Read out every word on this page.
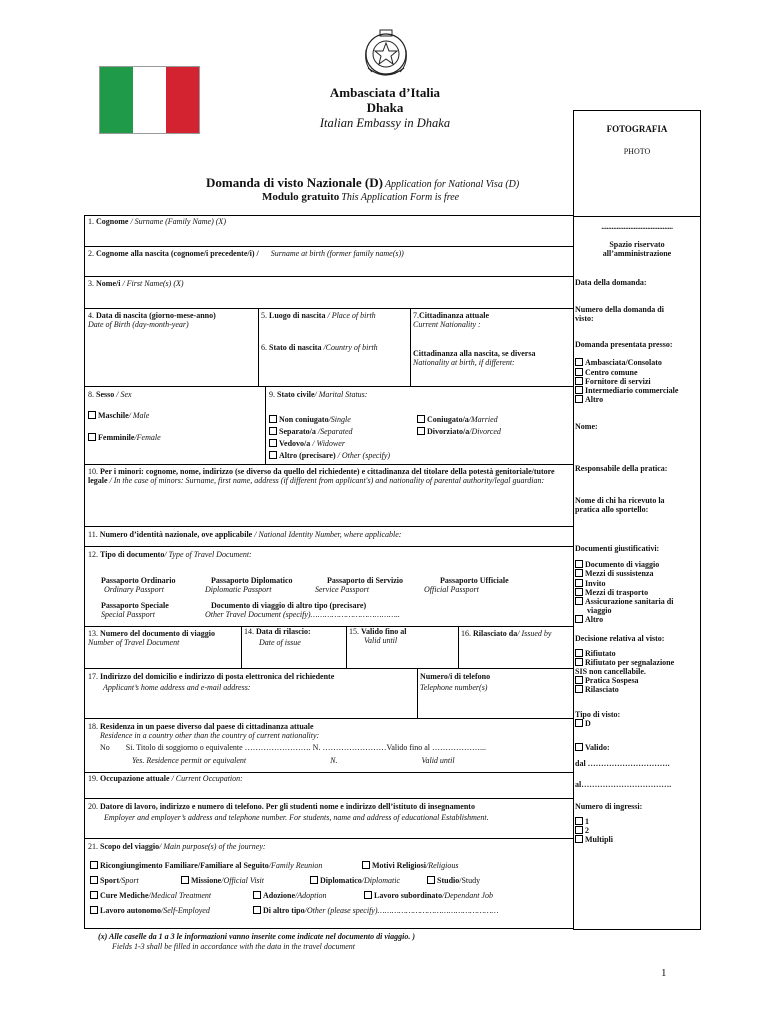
Ambasciata d’Italia
Dhaka
Italian Embassy in Dhaka
Domanda di visto Nazionale (D) Application for National Visa (D)
Modulo gratuito This Application Form is free
FOTOGRAFIA
PHOTO
1. Cognome / Surname (Family Name) (X)
2. Cognome alla nascita (cognome/i precedente/i) / Surname at birth (former family name(s))
3. Nome/i / First Name(s) (X)
4. Data di nascita (giorno-mese-anno)
Date of Birth (day-month-year)
5. Luogo di nascita / Place of birth
6. Stato di nascita /Country of birth
7.Cittadinanza attuale
Current Nationality :
Cittadinanza alla nascita, se diversa
Nationality at birth, if different:
8. Sesso / Sex
Maschile/ Male
Femminile/Female
9. Stato civile/ Marital Status:
Non coniugato/Single	Coniugato/a/Married
Separato/a /Separated	Divorziato/a/Divorced
Vedovo/a / Widower
Altro (precisare) / Other (specify)
10. Per i minori: cognome, nome, indirizzo (se diverso da quello del richiedente) e cittadinanza del titolare della potestà genitoriale/tutore legale / In the case of minors: Surname, first name, address (if different from applicant's) and nationality of parental authority/legal guardian:
11. Numero d’identità nazionale, ove applicabile / National Identity Number, where applicable:
12. Tipo di documento/ Type of Travel Document:
Passaporto Ordinario
Ordinary Passport
Passaporto Diplomatico
Diplomatic Passport
Passaporto di Servizio
Service Passport
Passaporto Ufficiale
Official Passport
Passaporto Speciale
Special Passport
Documento di viaggio di altro tipo (precisare)
Other Travel Document (specify)………………………………..
13. Numero del documento di viaggio
Number of Travel Document
14. Data di rilascio:
Date of issue
15. Valido fino al
Valid until
16. Rilasciato da/ Issued by
17. Indirizzo del domicilio e indirizzo di posta elettronica del richiedente
Applicant’s home address and e-mail address:
Numero/i di telefono
Telephone number(s)
18. Residenza in un paese diverso dal paese di cittadinanza attuale
Residence in a country other than the country of current nationality:
No Si. Titolo di soggiorno o equivalente ……………………. N. ……………………Valido fino al ………………...
Yes. Residence permit or equivalent	N.	Valid until
19. Occupazione attuale / Current Occupation:
20. Datore di lavoro, indirizzo e numero di telefono. Per gli studenti nome e indirizzo dell’istituto di insegnamento
Employer and employer’s address and telephone number. For students, name and address of educational Establishment.
21. Scopo del viaggio/ Main purpose(s) of the journey:
Ricongiungimento Familiare/Familiare al Seguito/Family Reunion	Motivi Religiosi/Religious
Sport/Sport	Missione/Official Visit	Diplomatico/Diplomatic	Studio/Study
Cure Mediche/Medical Treatment	Adozione/Adoption	Lavoro subordinato/Dependant Job
Lavoro autonomo/Self-Employed	Di altro tipo/Other (please specify)……………………………………………
(x) Alle caselle da 1 a 3 le informazioni vanno inserite come indicate nel documento di viaggio. )
Fields 1-3 shall be filled in accordance with the data in the travel document
1
..........................................
Spazio riservato
all’amministrazione
Data della domanda:
Numero della domanda di
visto:
Domanda presentata presso:
Ambasciata/Consolato
Centro comune
Fornitore di servizi
Intermediario commerciale
Altro
Nome:
Responsabile della pratica:
Nome di chi ha ricevuto la
pratica allo sportello:
Documenti giustificativi:
Documento di viaggio
Mezzi di sussistenza
Invito
Mezzi di trasporto
Assicurazione sanitaria di
viaggio
Altro
Decisione relativa al visto:
Rifiutato
Rifiutato per segnalazione
SIS non cancellabile.
Pratica Sospesa
Rilasciato
Tipo di visto:
D
Valido:
dal ………………………….
al…………………………….
Numero di ingressi:
1
2
Multipli
